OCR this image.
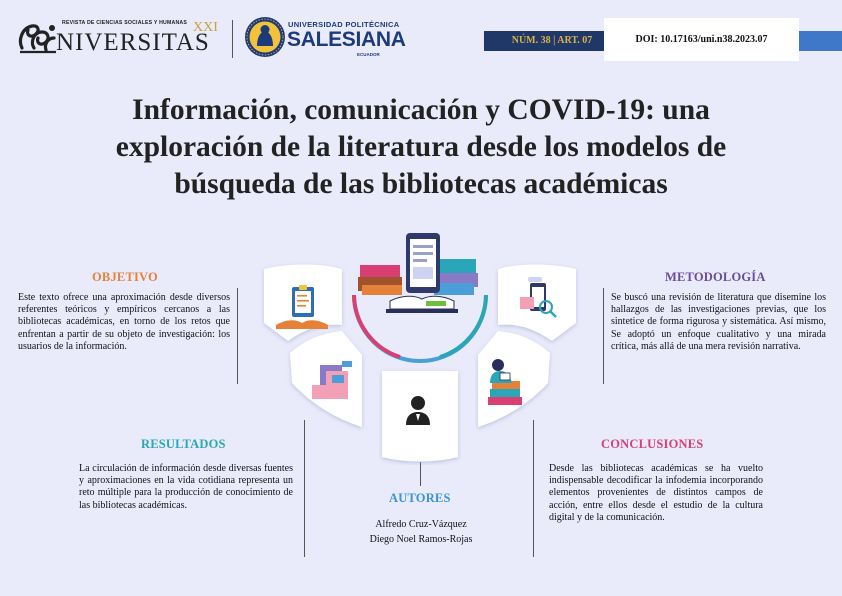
REVISTA DE CIENCIAS SOCIALES Y HUMANAS
NIVERSITAS
XXI	UNIVERSIDAD POLITÉCNICA
SALESIANA
ECUADOR
NÚM. 38 | ART. 07	DOI: 10.17163/uni.n38.2023.07
Información, comunicación y COVID-19: una exploración de la literatura desde los modelos de búsqueda de las bibliotecas académicas
OBJETIVO

Este texto ofrece una aproximación desde diversos referentes teóricos y empíricos cercanos a las bibliotecas académicas, en torno de los retos que enfrentan a partir de su objeto de investigación: los usuarios de la información.

METODOLOGÍA

Se buscó una revisión de literatura que diseminе los hallazgos de las investigaciones previas, que los sintetice de forma rigurosa y sistemática. Así mismo, Se adoptó un enfoque cualitativo y una mirada crítica, más allá de una mera revisión narrativa.

RESULTADOS

La circulación de información desde diversas fuentes y aproximaciones en la vida cotidiana representa un reto múltiple para la producción de conocimiento de las bibliotecas académicas.

CONCLUSIONES

Desde las bibliotecas académicas se ha vuelto indispensable decodificar la infodemia incorporando elementos provenientes de distintos campos de acción, entre ellos desde el estudio de la cultura digital y de la comunicación.

AUTORES
Alfredo Cruz-Vázquez
Diego Noel Ramos-Rojas
